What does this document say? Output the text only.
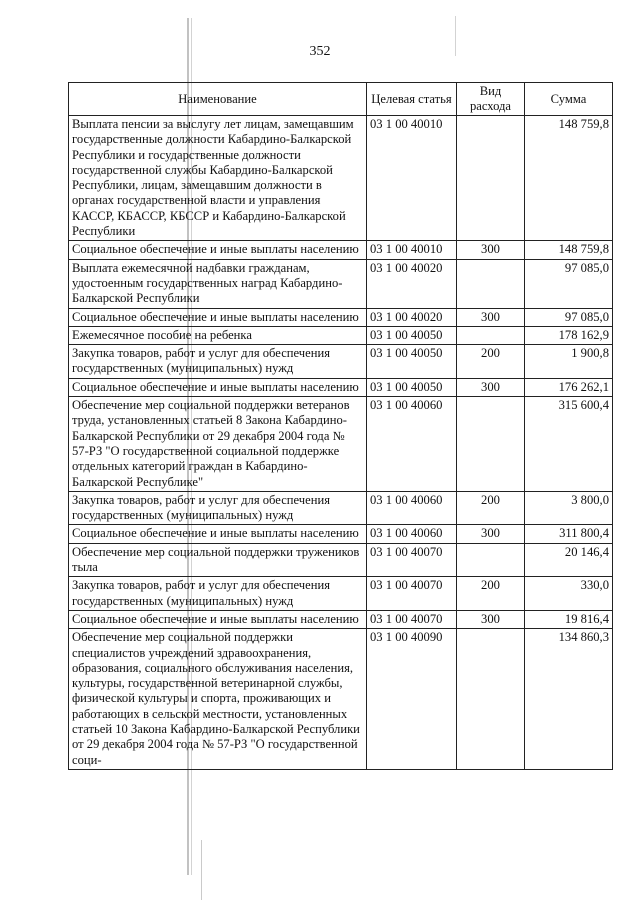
352
Наименование	Целевая статья	Вид расхода	Сумма
Выплата пенсии за выслугу лет лицам, замещавшим государственные должности Кабардино-Балкарской Республики и государственные должности государственной службы Кабардино-Балкарской Республики, лицам, замещавшим должности в органах государственной власти и управления КАССР, КБАССР, КБССР и Кабардино-Балкарской Республики	03 1 00 40010		148 759,8
Социальное обеспечение и иные выплаты населению	03 1 00 40010	300	148 759,8
Выплата ежемесячной надбавки гражданам, удостоенным государственных наград Кабардино-Балкарской Республики	03 1 00 40020		97 085,0
Социальное обеспечение и иные выплаты населению	03 1 00 40020	300	97 085,0
Ежемесячное пособие на ребенка	03 1 00 40050		178 162,9
Закупка товаров, работ и услуг для обеспечения государственных (муниципальных) нужд	03 1 00 40050	200	1 900,8
Социальное обеспечение и иные выплаты населению	03 1 00 40050	300	176 262,1
Обеспечение мер социальной поддержки ветеранов труда, установленных статьей 8 Закона Кабардино-Балкарской Республики от 29 декабря 2004 года № 57-РЗ "О государственной социальной поддержке отдельных категорий граждан в Кабардино-Балкарской Республике"	03 1 00 40060		315 600,4
Закупка товаров, работ и услуг для обеспечения государственных (муниципальных) нужд	03 1 00 40060	200	3 800,0
Социальное обеспечение и иные выплаты населению	03 1 00 40060	300	311 800,4
Обеспечение мер социальной поддержки тружеников тыла	03 1 00 40070		20 146,4
Закупка товаров, работ и услуг для обеспечения государственных (муниципальных) нужд	03 1 00 40070	200	330,0
Социальное обеспечение и иные выплаты населению	03 1 00 40070	300	19 816,4
Обеспечение мер социальной поддержки специалистов учреждений здравоохранения, образования, социального обслуживания населения, культуры, государственной ветеринарной службы, физической культуры и спорта, проживающих и работающих в сельской местности, установленных статьей 10 Закона Кабардино-Балкарской Республики от 29 декабря 2004 года № 57-РЗ "О государственной соци-	03 1 00 40090		134 860,3
